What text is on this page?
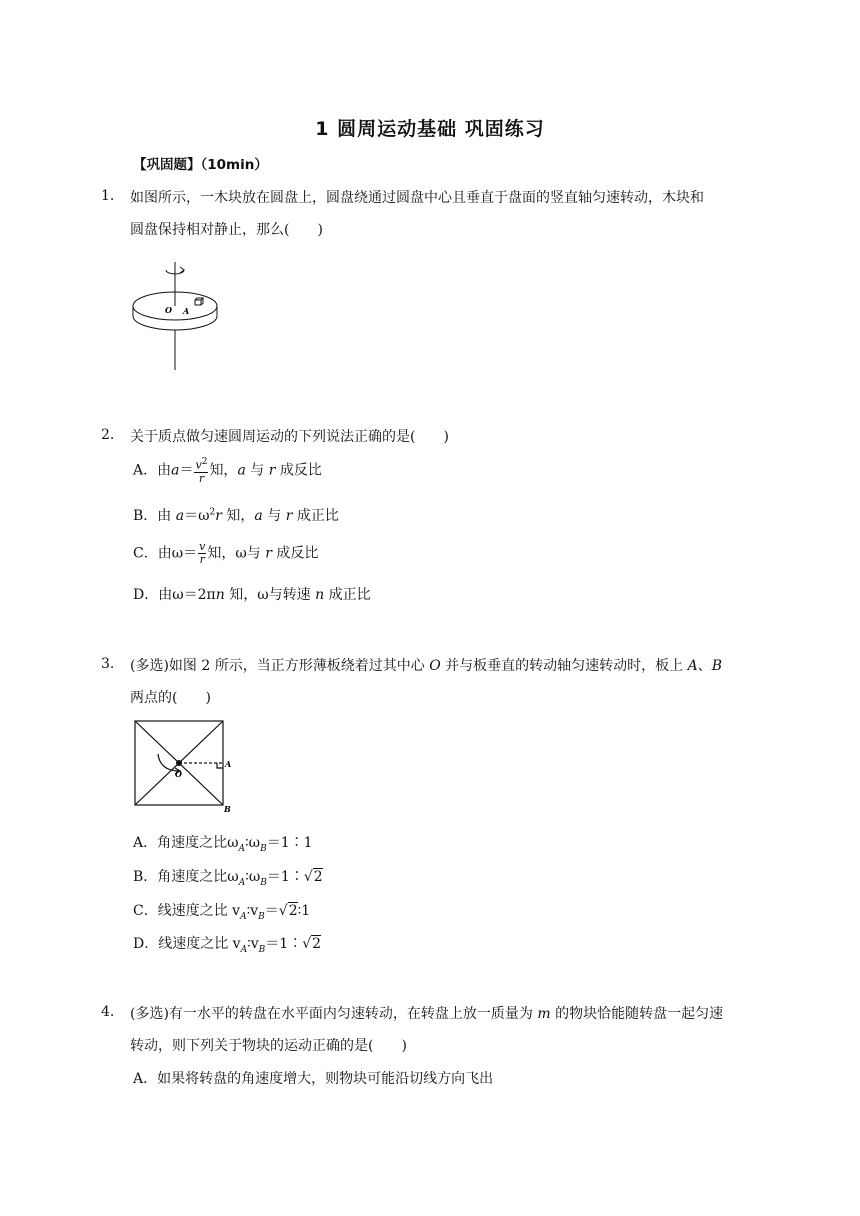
1 圆周运动基础 巩固练习
【巩固题】（10min）
1. 如图所示，一木块放在圆盘上，圆盘绕通过圆盘中心且垂直于盘面的竖直轴匀速转动，木块和
圆盘保持相对静止，那么(　　)
O A
2. 关于质点做匀速圆周运动的下列说法正确的是(　　)
A．由$a= \frac{v^2}{r}$ 知，a 与 r 成反比
B．由 $a=\omega^2r$ 知，a 与 r 成正比
C．由$\omega= \frac{v}{r}$ 知，ω与 r 成反比
D．由ω＝2πn 知，ω与转速 n 成正比
3. (多选)如图 2 所示，当正方形薄板绕着过其中心 O 并与板垂直的转动轴匀速转动时，板上 A、B
两点的(　　)
O
A
B
A．角速度之比$\omega_A∶\omega_B=1∶1$
B．角速度之比$\omega_A∶\omega_B=1∶√2$
C．线速度之比 $v_A∶v_B=√2∶1$
D．线速度之比 $v_A∶v_B=1∶√2$
4. (多选)有一水平的转盘在水平面内匀速转动，在转盘上放一质量为 m 的物块恰能随转盘一起匀速
转动，则下列关于物块的运动正确的是(　　)
A．如果将转盘的角速度增大，则物块可能沿切线方向飞出
